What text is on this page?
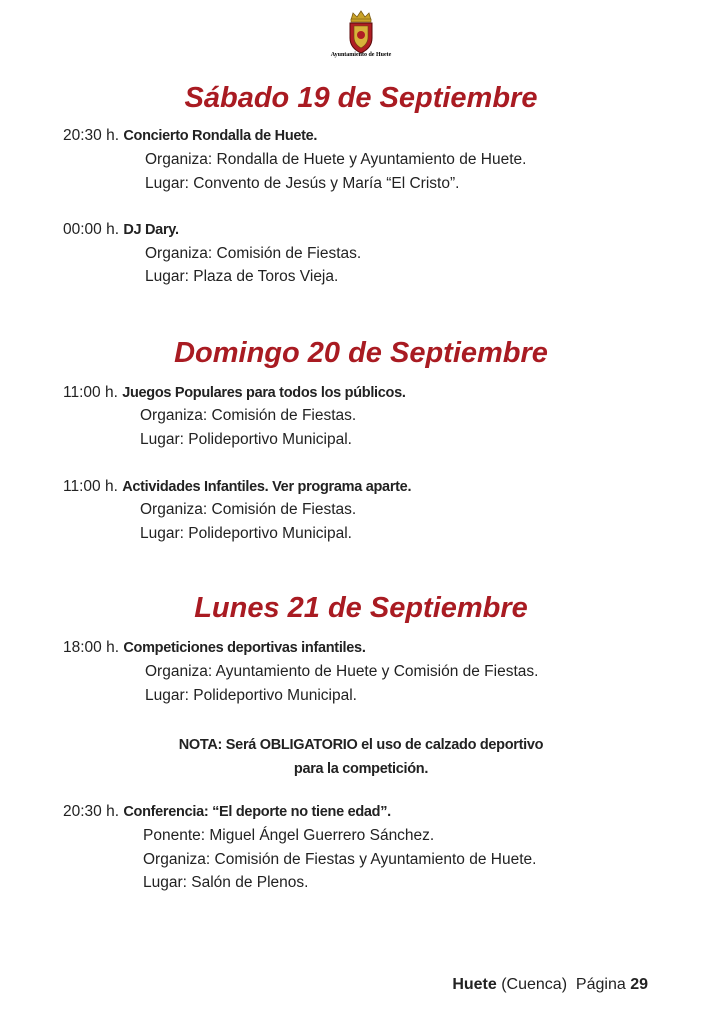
Ayuntamiento de Huete
Sábado 19 de Septiembre
20:30 h. Concierto Rondalla de Huete.
Organiza: Rondalla de Huete y Ayuntamiento de Huete.
Lugar: Convento de Jesús y María “El Cristo”.
00:00 h. DJ Dary.
Organiza: Comisión de Fiestas.
Lugar: Plaza de Toros Vieja.
Domingo 20 de Septiembre
11:00 h. Juegos Populares para todos los públicos.
Organiza: Comisión de Fiestas.
Lugar: Polideportivo Municipal.
11:00 h. Actividades Infantiles. Ver programa aparte.
Organiza: Comisión de Fiestas.
Lugar: Polideportivo Municipal.
Lunes 21 de Septiembre
18:00 h. Competiciones deportivas infantiles.
Organiza: Ayuntamiento de Huete y Comisión de Fiestas.
Lugar: Polideportivo Municipal.
NOTA: Será OBLIGATORIO el uso de calzado deportivo
para la competición.
20:30 h. Conferencia: “El deporte no tiene edad”.
Ponente: Miguel Ángel Guerrero Sánchez.
Organiza: Comisión de Fiestas y Ayuntamiento de Huete.
Lugar: Salón de Plenos.
Huete (Cuenca) Página 29
